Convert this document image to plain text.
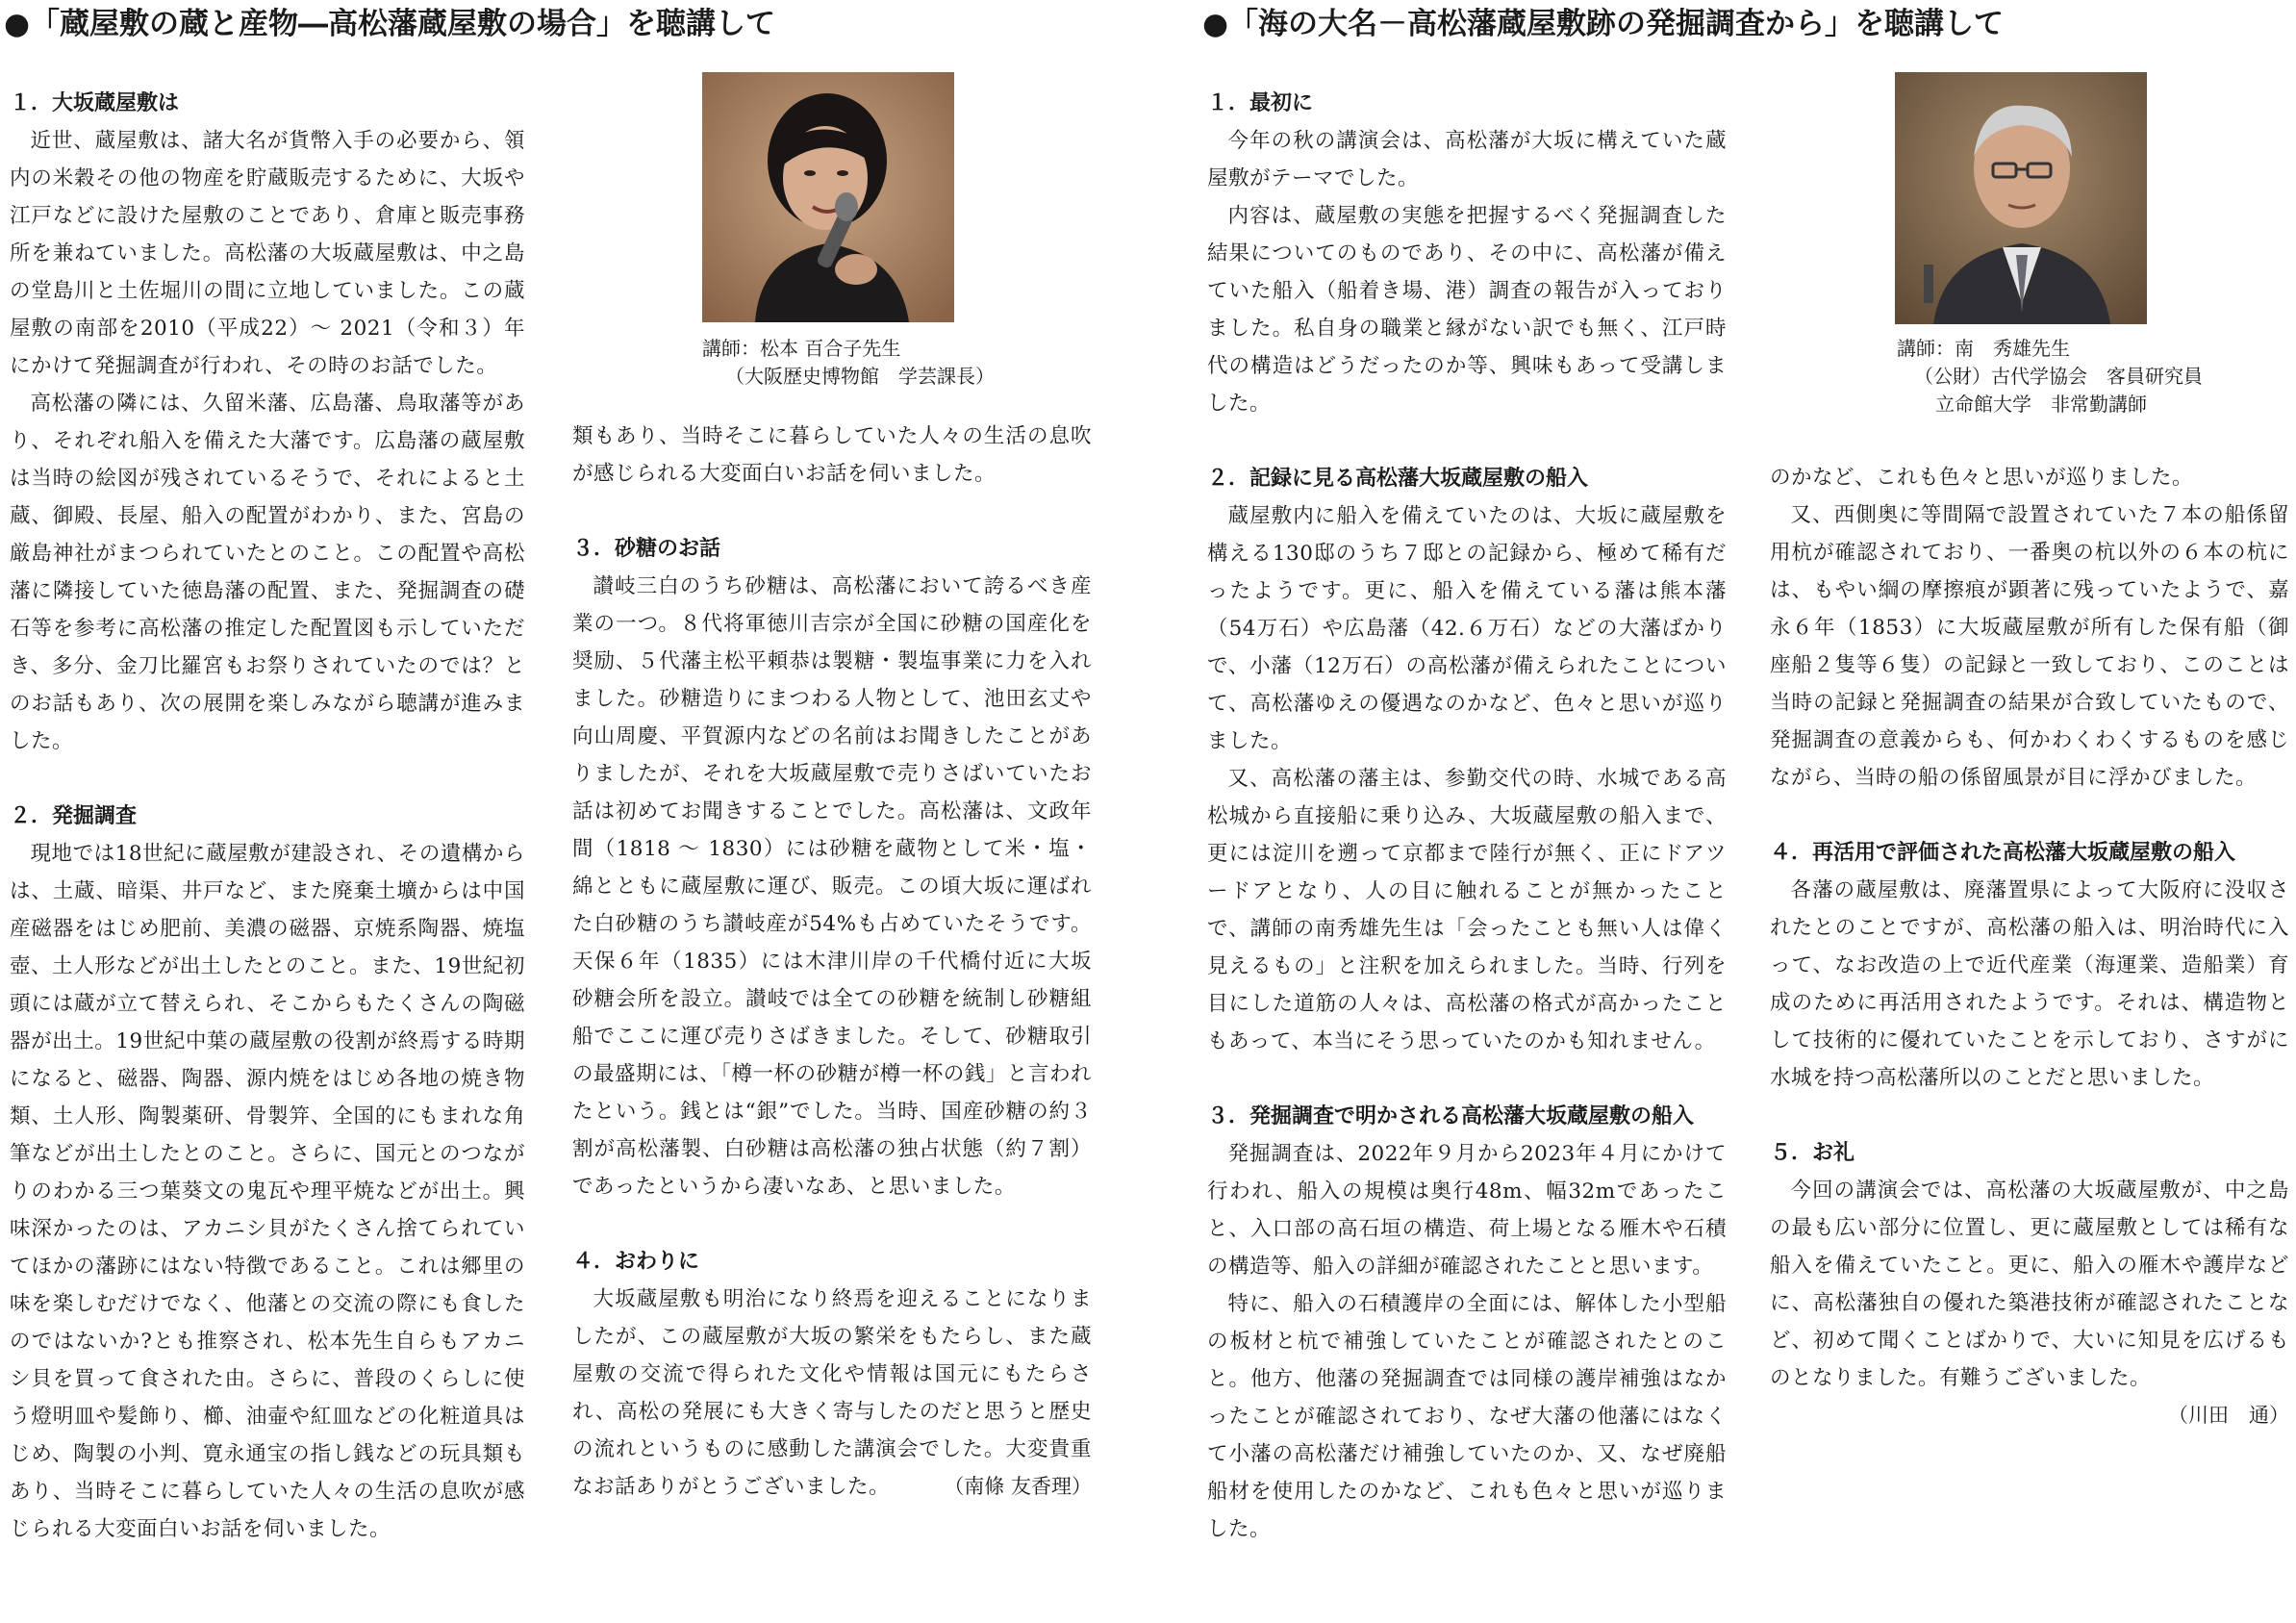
●「蔵屋敷の蔵と産物―高松藩蔵屋敷の場合」を聴講して
講師：松本 百合子先生
（大阪歴史博物館　学芸課長）

１．大坂蔵屋敷は

近世、蔵屋敷は、諸大名が貨幣入手の必要から、領内の米穀その他の物産を貯蔵販売するために、大坂や江戸などに設けた屋敷のことであり、倉庫と販売事務所を兼ねていました。高松藩の大坂蔵屋敷は、中之島の堂島川と土佐堀川の間に立地していました。この蔵屋敷の南部を2010（平成22）～ 2021（令和３）年にかけて発掘調査が行われ、その時のお話でした。

高松藩の隣には、久留米藩、広島藩、鳥取藩等があり、それぞれ船入を備えた大藩です。広島藩の蔵屋敷は当時の絵図が残されているそうで、それによると土蔵、御殿、長屋、船入の配置がわかり、また、宮島の厳島神社がまつられていたとのこと。この配置や高松藩に隣接していた徳島藩の配置、また、発掘調査の礎石等を参考に高松藩の推定した配置図も示していただき、多分、金刀比羅宮もお祭りされていたのでは？とのお話もあり、次の展開を楽しみながら聴講が進みました。

２．発掘調査

現地では18世紀に蔵屋敷が建設され、その遺構からは、土蔵、暗渠、井戸など、また廃棄土壙からは中国産磁器をはじめ肥前、美濃の磁器、京焼系陶器、焼塩壺、土人形などが出土したとのこと。また、19世紀初頭には蔵が立て替えられ、そこからもたくさんの陶磁器が出土。19世紀中葉の蔵屋敷の役割が終焉する時期になると、磁器、陶器、源内焼をはじめ各地の焼き物類、土人形、陶製薬研、骨製笄、全国的にもまれな角筆などが出土したとのこと。さらに、国元とのつながりのわかる三つ葉葵文の鬼瓦や理平焼などが出土。興味深かったのは、アカニシ貝がたくさん捨てられていてほかの藩跡にはない特徴であること。これは郷里の味を楽しむだけでなく、他藩との交流の際にも食したのではないか?とも推察され、松本先生自らもアカニシ貝を買って食された由。さらに、普段のくらしに使う燈明皿や髪飾り、櫛、油壷や紅皿などの化粧道具はじめ、陶製の小判、寛永通宝の指し銭などの玩具類もあり、当時そこに暮らしていた人々の生活の息吹が感じられる大変面白いお話を伺いました。

類もあり、当時そこに暮らしていた人々の生活の息吹が感じられる大変面白いお話を伺いました。

３．砂糖のお話

讃岐三白のうち砂糖は、高松藩において誇るべき産業の一つ。８代将軍徳川吉宗が全国に砂糖の国産化を奨励、５代藩主松平頼恭は製糖・製塩事業に力を入れました。砂糖造りにまつわる人物として、池田玄丈や向山周慶、平賀源内などの名前はお聞きしたことがありましたが、それを大坂蔵屋敷で売りさばいていたお話は初めてお聞きすることでした。高松藩は、文政年間（1818 ～ 1830）には砂糖を蔵物として米・塩・綿とともに蔵屋敷に運び、販売。この頃大坂に運ばれた白砂糖のうち讃岐産が54%も占めていたそうです。天保６年（1835）には木津川岸の千代橋付近に大坂砂糖会所を設立。讃岐では全ての砂糖を統制し砂糖組船でここに運び売りさばきました。そして、砂糖取引の最盛期には、「樽一杯の砂糖が樽一杯の銭」と言われたという。銭とは“銀”でした。当時、国産砂糖の約３割が高松藩製、白砂糖は高松藩の独占状態（約７割）であったというから凄いなあ、と思いました。

４．おわりに

大坂蔵屋敷も明治になり終焉を迎えることになりましたが、この蔵屋敷が大坂の繁栄をもたらし、また蔵屋敷の交流で得られた文化や情報は国元にもたらされ、高松の発展にも大きく寄与したのだと思うと歴史の流れというものに感動した講演会でした。大変貴重なお話ありがとうございました。	（南條 友香理）

●「海の大名－高松藩蔵屋敷跡の発掘調査から」を聴講して
講師：南　秀雄先生
（公財）古代学協会　客員研究員
立命館大学　非常勤講師

１．最初に

今年の秋の講演会は、高松藩が大坂に構えていた蔵屋敷がテーマでした。

内容は、蔵屋敷の実態を把握するべく発掘調査した結果についてのものであり、その中に、高松藩が備えていた船入（船着き場、港）調査の報告が入っておりました。私自身の職業と縁がない訳でも無く、江戸時代の構造はどうだったのか等、興味もあって受講しました。

２．記録に見る高松藩大坂蔵屋敷の船入

蔵屋敷内に船入を備えていたのは、大坂に蔵屋敷を構える130邸のうち７邸との記録から、極めて稀有だったようです。更に、船入を備えている藩は熊本藩（54万石）や広島藩（42.６万石）などの大藩ばかりで、小藩（12万石）の高松藩が備えられたことについて、高松藩ゆえの優遇なのかなど、色々と思いが巡りました。

又、高松藩の藩主は、参勤交代の時、水城である高松城から直接船に乗り込み、大坂蔵屋敷の船入まで、更には淀川を遡って京都まで陸行が無く、正にドアツードアとなり、人の目に触れることが無かったことで、講師の南秀雄先生は「会ったことも無い人は偉く見えるもの」と注釈を加えられました。当時、行列を目にした道筋の人々は、高松藩の格式が高かったこともあって、本当にそう思っていたのかも知れません。

３．発掘調査で明かされる高松藩大坂蔵屋敷の船入

発掘調査は、2022年９月から2023年４月にかけて行われ、船入の規模は奥行48m、幅32mであったこと、入口部の高石垣の構造、荷上場となる雁木や石積の構造等、船入の詳細が確認されたことと思います。

特に、船入の石積護岸の全面には、解体した小型船の板材と杭で補強していたことが確認されたとのこと。他方、他藩の発掘調査では同様の護岸補強はなかったことが確認されており、なぜ大藩の他藩にはなくて小藩の高松藩だけ補強していたのか、又、なぜ廃船船材を使用したのかなど、これも色々と思いが巡りました。

のかなど、これも色々と思いが巡りました。

又、西側奥に等間隔で設置されていた７本の船係留用杭が確認されており、一番奥の杭以外の６本の杭には、もやい綱の摩擦痕が顕著に残っていたようで、嘉永６年（1853）に大坂蔵屋敷が所有した保有船（御座船２隻等６隻）の記録と一致しており、このことは当時の記録と発掘調査の結果が合致していたもので、発掘調査の意義からも、何かわくわくするものを感じながら、当時の船の係留風景が目に浮かびました。

４．再活用で評価された高松藩大坂蔵屋敷の船入

各藩の蔵屋敷は、廃藩置県によって大阪府に没収されたとのことですが、高松藩の船入は、明治時代に入って、なお改造の上で近代産業（海運業、造船業）育成のために再活用されたようです。それは、構造物として技術的に優れていたことを示しており、さすがに水城を持つ高松藩所以のことだと思いました。

５．お礼

今回の講演会では、高松藩の大坂蔵屋敷が、中之島の最も広い部分に位置し、更に蔵屋敷としては稀有な船入を備えていたこと。更に、船入の雁木や護岸などに、高松藩独自の優れた築港技術が確認されたことなど、初めて聞くことばかりで、大いに知見を広げるものとなりました。有難うございました。

（川田　通）
